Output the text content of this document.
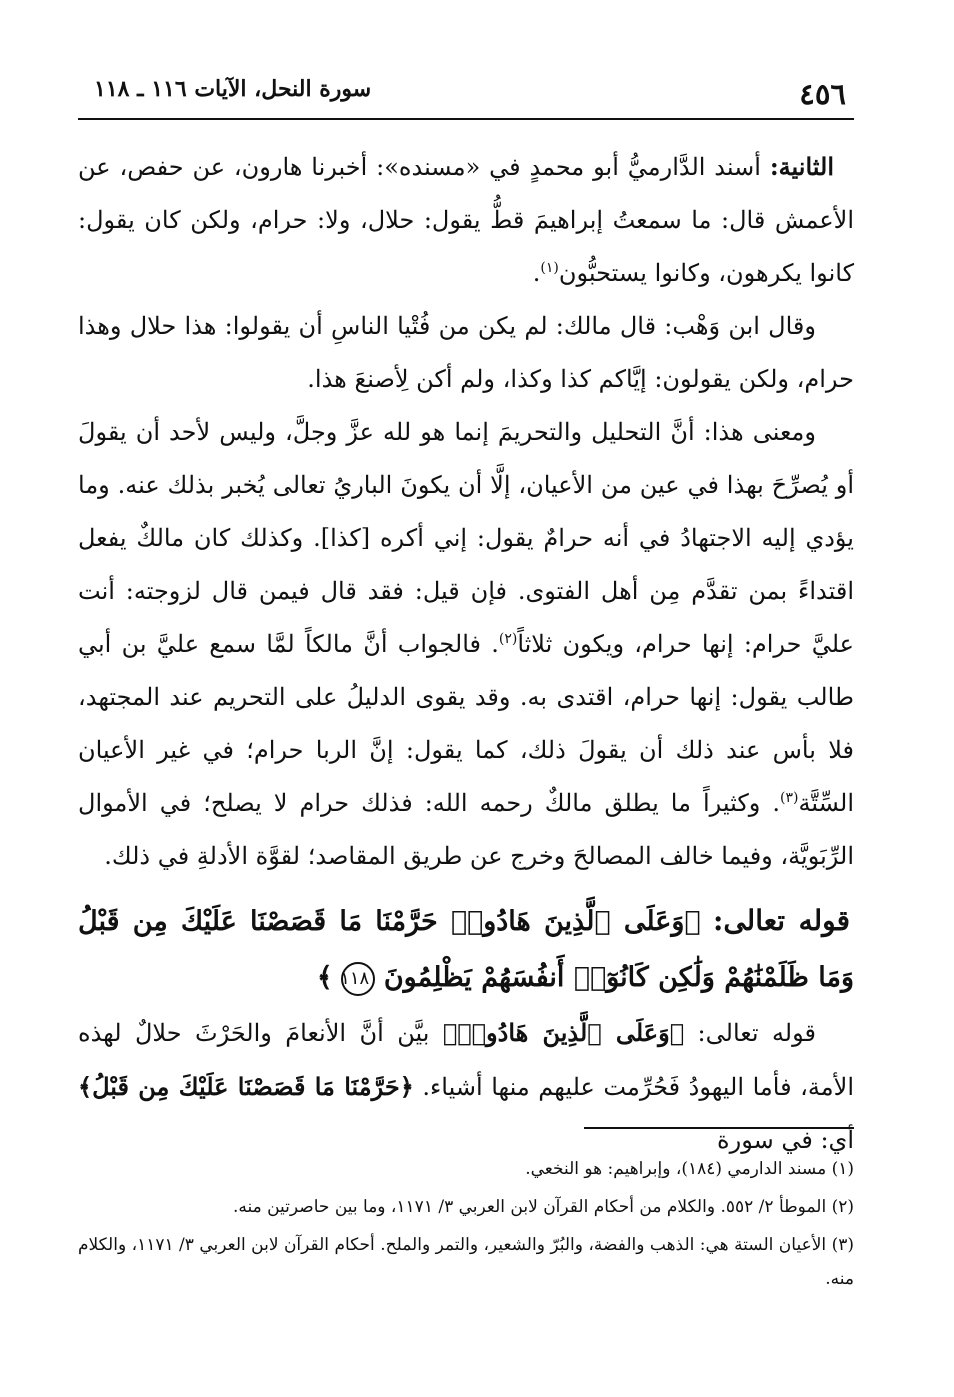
٤٥٦
سورة النحل، الآيات ١١٦ ـ ١١٨

الثانية: أسند الدَّارميُّ أبو محمدٍ في «مسنده»: أخبرنا هارون، عن حفص، عن الأعمش قال: ما سمعتُ إبراهيمَ قطُّ يقول: حلال، ولا: حرام، ولكن كان يقول: كانوا يكرهون، وكانوا يستحبُّون$^{(١)}$.

وقال ابن وَهْب: قال مالك: لم يكن من فُتْيا الناسِ أن يقولوا: هذا حلال وهذا حرام، ولكن يقولون: إيَّاكم كذا وكذا، ولم أكن لِأصنعَ هذا.

ومعنى هذا: أنَّ التحليل والتحريمَ إنما هو لله عزَّ وجلَّ، وليس لأحد أن يقولَ أو يُصرِّحَ بهذا في عين من الأعيان، إلَّا أن يكونَ الباريُ تعالى يُخبر بذلك عنه. وما يؤدي إليه الاجتهادُ في أنه حرامٌ يقول: إني أكره [كذا]. وكذلك كان مالكٌ يفعل اقتداءً بمن تقدَّم مِن أهل الفتوى. فإن قيل: فقد قال فيمن قال لزوجته: أنت عليَّ حرام: إنها حرام، ويكون ثلاثاً$^{(٢)}$. فالجواب أنَّ مالكاً لمَّا سمع عليَّ بن أبي طالب يقول: إنها حرام، اقتدى به. وقد يقوى الدليلُ على التحريم عند المجتهد، فلا بأس عند ذلك أن يقولَ ذلك، كما يقول: إنَّ الربا حرام؛ في غير الأعيان السِّتَّة$^{(٣)}$. وكثيراً ما يطلق مالكٌ رحمه الله: فذلك حرام لا يصلح؛ في الأموال الرِّبَويَّة، وفيما خالف المصالحَ وخرج عن طريق المقاصد؛ لقوَّة الأدلةِ في ذلك.

قوله تعالى: ﴿وَعَلَى ٱلَّذِينَ هَادُوا۟ حَرَّمْنَا مَا قَصَصْنَا عَلَيْكَ مِن قَبْلُ وَمَا ظَلَمْنَٰهُمْ وَلَٰكِن كَانُوٓا۟ أَنفُسَهُمْ يَظْلِمُونَ ١١٨ ﴾

قوله تعالى: ﴿وَعَلَى ٱلَّذِينَ هَادُوا۟﴾ بيَّن أنَّ الأنعامَ والحَرْثَ حلالٌ لهذه الأمة، فأما اليهودُ فَحُرِّمت عليهم منها أشياء. ﴿حَرَّمْنَا مَا قَصَصْنَا عَلَيْكَ مِن قَبْلُ﴾ أي: في سورة

(١) مسند الدارمي (١٨٤)، وإبراهيم: هو النخعي.

(٢) الموطأ ٢/ ٥٥٢. والكلام من أحكام القرآن لابن العربي ٣/ ١١٧١، وما بين حاصرتين منه.

(٣) الأعيان الستة هي: الذهب والفضة، والبُرّ والشعير، والتمر والملح. أحكام القرآن لابن العربي ٣/ ١١٧١، والكلام منه.
